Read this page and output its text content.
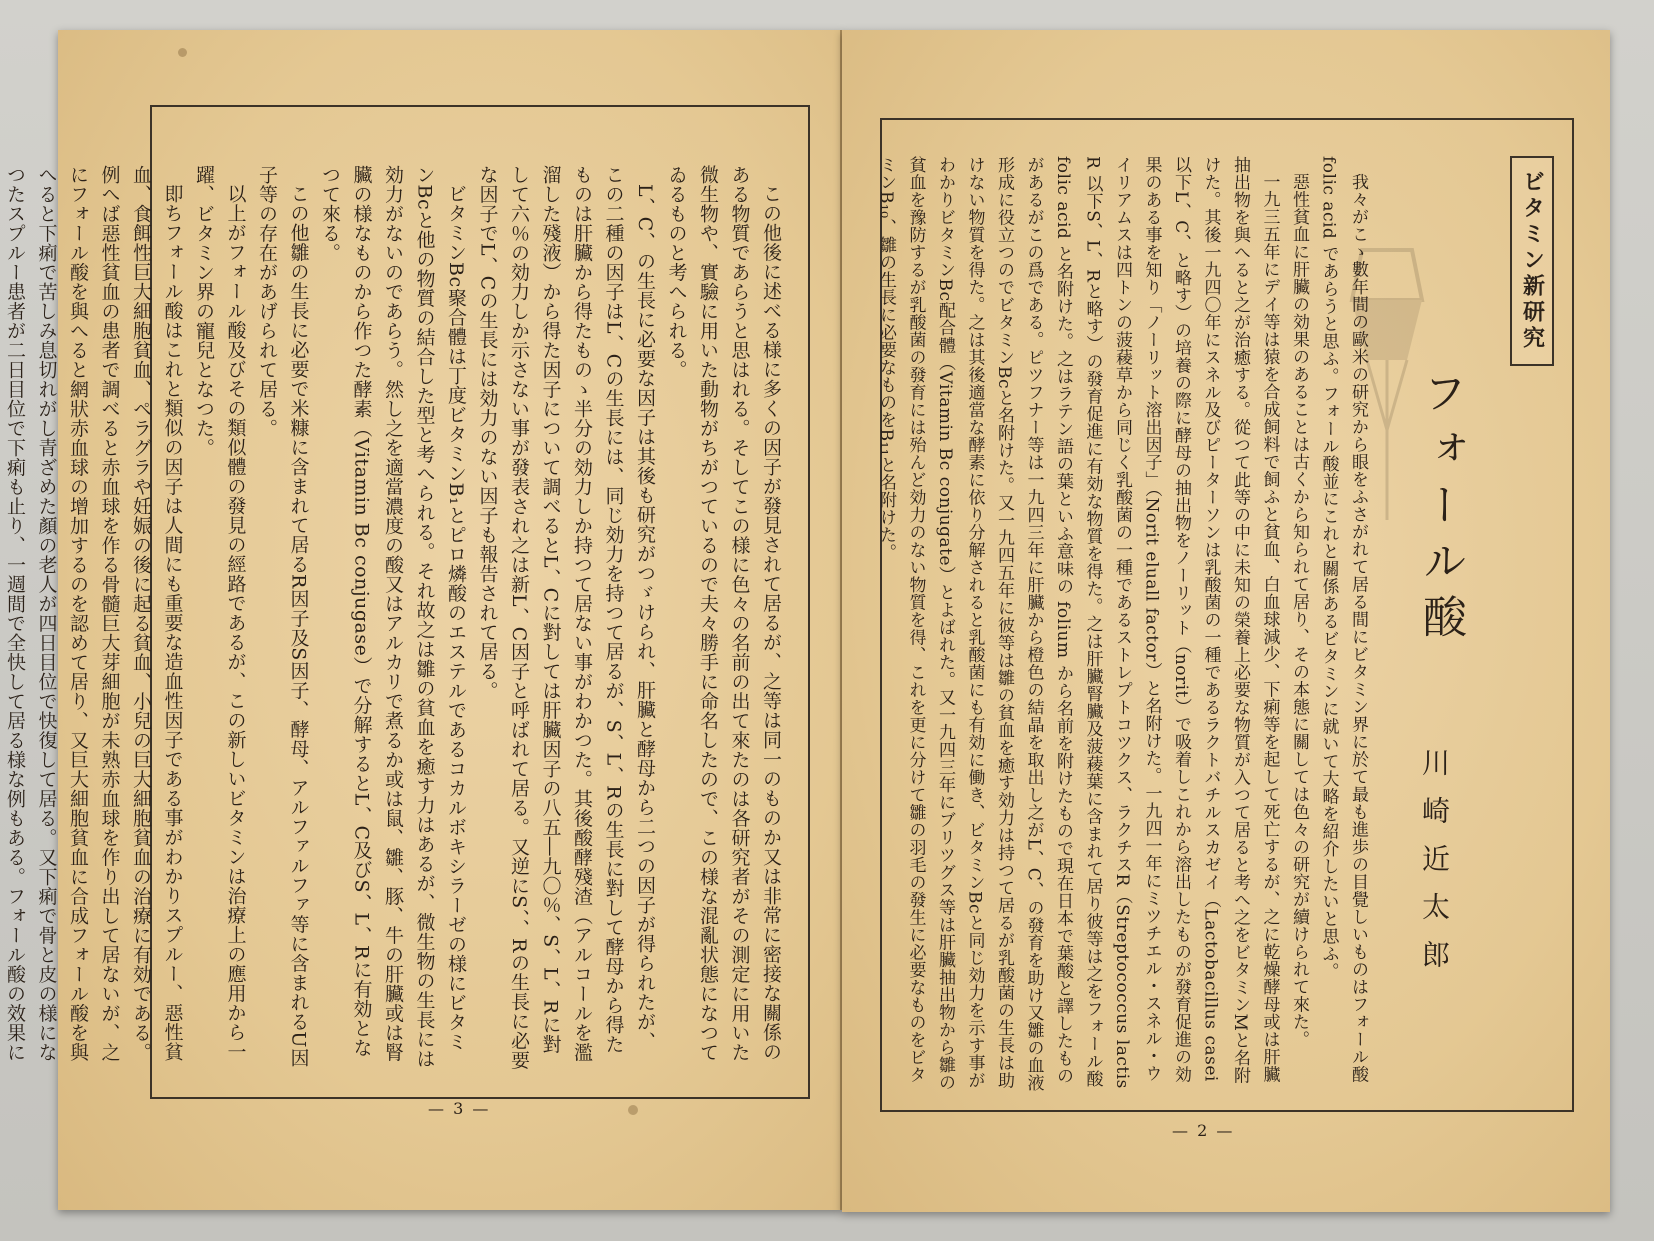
この他後に述べる様に多くの因子が發見されて居るが、之等は同一のものか又は非常に密接な關係のある物質であらうと思はれる。そしてこの様に色々の名前の出て來たのは各研究者がその測定に用いた微生物や、實驗に用いた動物がちがつているので夫々勝手に命名したので、この様な混亂状態になつてゐるものと考へられる。

L、C、の生長に必要な因子は其後も研究がつゞけられ、肝臟と酵母から二つの因子が得られたが、この二種の因子はL、Cの生長には、同じ効力を持つて居るが、S、L、Rの生長に對して酵母から得たものは肝臟から得たものゝ半分の効力しか持つて居ない事がわかつた。其後酸酵殘渣（アルコールを濫溜した殘液）から得た因子について調べるとL、Cに對しては肝臟因子の八五―九〇％、S、L、Rに對して六％の効力しか示さない事が發表され之は新L、C因子と呼ばれて居る。又逆にS、、Rの生長に必要な因子でL、Cの生長には効力のない因子も報告されて居る。

ビタミンBc聚合體は丁度ビタミンB₁とピロ燐酸のエステルであるコカルボキシラーゼの様にビタミンBcと他の物質の結合した型と考へられる。それ故之は雛の貧血を癒す力はあるが、微生物の生長には効力がないのであらう。然し之を適當濃度の酸又はアルカリで煮るか或は鼠、雛、豚、牛の肝臟或は腎臟の様なものから作つた酵素（Vitamin Bc conjugase）で分解するとL、C及びS、L、Rに有効となつて來る。

この他雛の生長に必要で米糠に含まれて居るR因子及S因子、酵母、アルファルファ等に含まれるU因子等の存在があげられて居る。

以上がフォール酸及びその類似體の發見の經路であるが、この新しいビタミンは治療上の應用から一躍、ビタミン界の寵兒となつた。

即ちフォール酸はこれと類似の因子は人間にも重要な造血性因子である事がわかりスプルー、惡性貧血、食餌性巨大細胞貧血、ペラグラや妊娠の後に起る貧血、小兒の巨大細胞貧血の治療に有効である。例へば惡性貧血の患者で調べると赤血球を作る骨髓巨大芽細胞が未熟赤血球を作り出して居ないが、之にフォール酸を與へると網狀赤血球の增加するのを認めて居り、又巨大細胞貧血に合成フォール酸を與へると下痢で苦しみ息切れがし青ざめた顏の老人が四日目位で快復して居る。又下痢で骨と皮の様になつたスプルー患者が二日目位で下痢も止り、一週間で全快して居る様な例もある。フォール酸の效果に

— 3 —
ビタミン新研究
フォール酸
川崎近太郎

我々がこゝ數年間の歐米の研究から眼をふさがれて居る間にビタミン界に於て最も進歩の目覺しいものはフォール酸 folic acid であらうと思ふ。フォール酸並にこれと關係あるビタミンに就いて大略を紹介したいと思ふ。

惡性貧血に肝臟の効果のあることは古くから知られて居り、その本態に關しては色々の研究が續けられて來た。

一九三五年にデイ等は猿を合成飼料で飼ふと貧血、白血球減少、下痢等を起して死亡するが、之に乾燥酵母或は肝臟抽出物を與へると之が治癒する。從つて此等の中に未知の榮養上必要な物質が入つて居ると考へ之をビタミンMと名附けた。其後一九四〇年にスネル及びピーターソンは乳酸菌の一種であるラクトバチルスカゼイ（Lactobacillus casei 以下L、C、と略す）の培養の際に酵母の抽出物をノーリット（norit）で吸着しこれから溶出したものが發育促進の効果のある事を知り「ノーリット溶出因子」（Norit eluall factor）と名附けた。一九四一年にミツチエル・スネル・ウイリアムスは四トンの菠薐草から同じく乳酸菌の一種であるストレプトコツクス、ラクチスR（Streptococcus lactis R 以下S、L、Rと略す）の發育促進に有効な物質を得た。之は肝臟腎臟及菠薐葉に含まれて居り彼等は之をフォール酸 folic acid と名附けた。之はラテン語の葉といふ意味の folium から名前を附けたもので現在日本で葉酸と譯したものがあるがこの爲である。ピツフナー等は一九四三年に肝臟から橙色の結晶を取出し之がL、C、の發育を助け又雛の血液形成に役立つのでビタミンBcと名附けた。又一九四五年に彼等は雛の貧血を癒す効力は持つて居るが乳酸菌の生長は助けない物質を得た。之は其後適當な酵素に依り分解されると乳酸菌にも有効に働き、ビタミンBcと同じ効力を示す事がわかりビタミンBc配合體（Vitamin Bc conjugate）とよばれた。又一九四三年にブリツグス等は肝臟抽出物から雛の貧血を豫防するが乳酸菌の發育には殆んど効力のない物質を得、これを更に分けて雛の羽毛の發生に必要なものをビタミンB₁₀、雛の生長に必要なものをB₁₁と名附けた。

— 2 —
